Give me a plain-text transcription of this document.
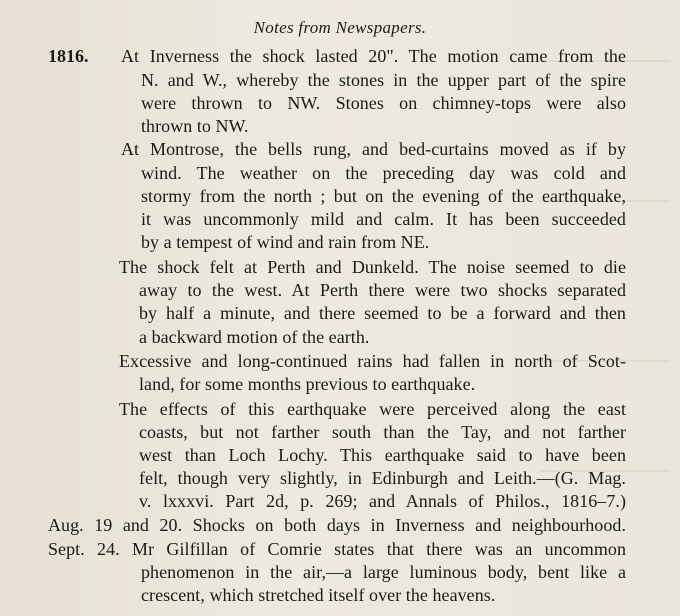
Notes from Newspapers.
1816. At Inverness the shock lasted 20". The motion came from the
N. and W., whereby the stones in the upper part of the spire
were thrown to NW. Stones on chimney-tops were also
thrown to NW.
At Montrose, the bells rung, and bed-curtains moved as if by
wind. The weather on the preceding day was cold and
stormy from the north ; but on the evening of the earthquake,
it was uncommonly mild and calm. It has been succeeded
by a tempest of wind and rain from NE.
The shock felt at Perth and Dunkeld. The noise seemed to die
away to the west. At Perth there were two shocks separated
by half a minute, and there seemed to be a forward and then
a backward motion of the earth.
Excessive and long-continued rains had fallen in north of Scot-
land, for some months previous to earthquake.
The effects of this earthquake were perceived along the east
coasts, but not farther south than the Tay, and not farther
west than Loch Lochy. This earthquake said to have been
felt, though very slightly, in Edinburgh and Leith.—(G. Mag.
v. lxxxvi. Part 2d, p. 269; and Annals of Philos., 1816–7.)
Aug. 19 and 20. Shocks on both days in Inverness and neighbourhood.
Sept. 24. Mr Gilfillan of Comrie states that there was an uncommon
phenomenon in the air,—a large luminous body, bent like a
crescent, which stretched itself over the heavens.
